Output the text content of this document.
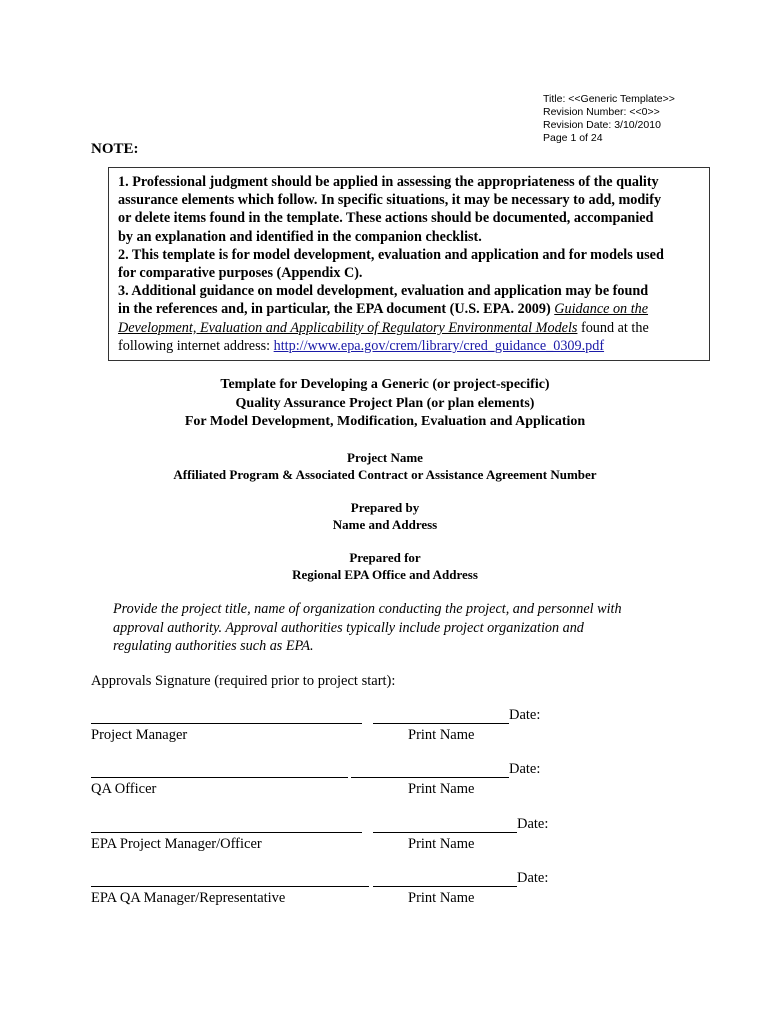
Title: <<Generic Template>>
Revision Number: <<0>>
Revision Date: 3/10/2010
Page 1 of 24
NOTE:
1. Professional judgment should be applied in assessing the appropriateness of the quality
assurance elements which follow. In specific situations, it may be necessary to add, modify
or delete items found in the template. These actions should be documented, accompanied
by an explanation and identified in the companion checklist.
2. This template is for model development, evaluation and application and for models used
for comparative purposes (Appendix C).
3. Additional guidance on model development, evaluation and application may be found
in the references and, in particular, the EPA document (U.S. EPA. 2009) Guidance on the
Development, Evaluation and Applicability of Regulatory Environmental Models found at the
following internet address: http://www.epa.gov/crem/library/cred_guidance_0309.pdf
Template for Developing a Generic (or project-specific)
Quality Assurance Project Plan (or plan elements)
For Model Development, Modification, Evaluation and Application
Project Name
Affiliated Program & Associated Contract or Assistance Agreement Number
Prepared by
Name and Address
Prepared for
Regional EPA Office and Address
Provide the project title, name of organization conducting the project, and personnel with
approval authority. Approval authorities typically include project organization and
regulating authorities such as EPA.
Approvals Signature (required prior to project start):
Date:
Project Manager	Print Name
Date:
QA Officer	Print Name
Date:
EPA Project Manager/Officer	Print Name
Date:
EPA QA Manager/Representative	Print Name
